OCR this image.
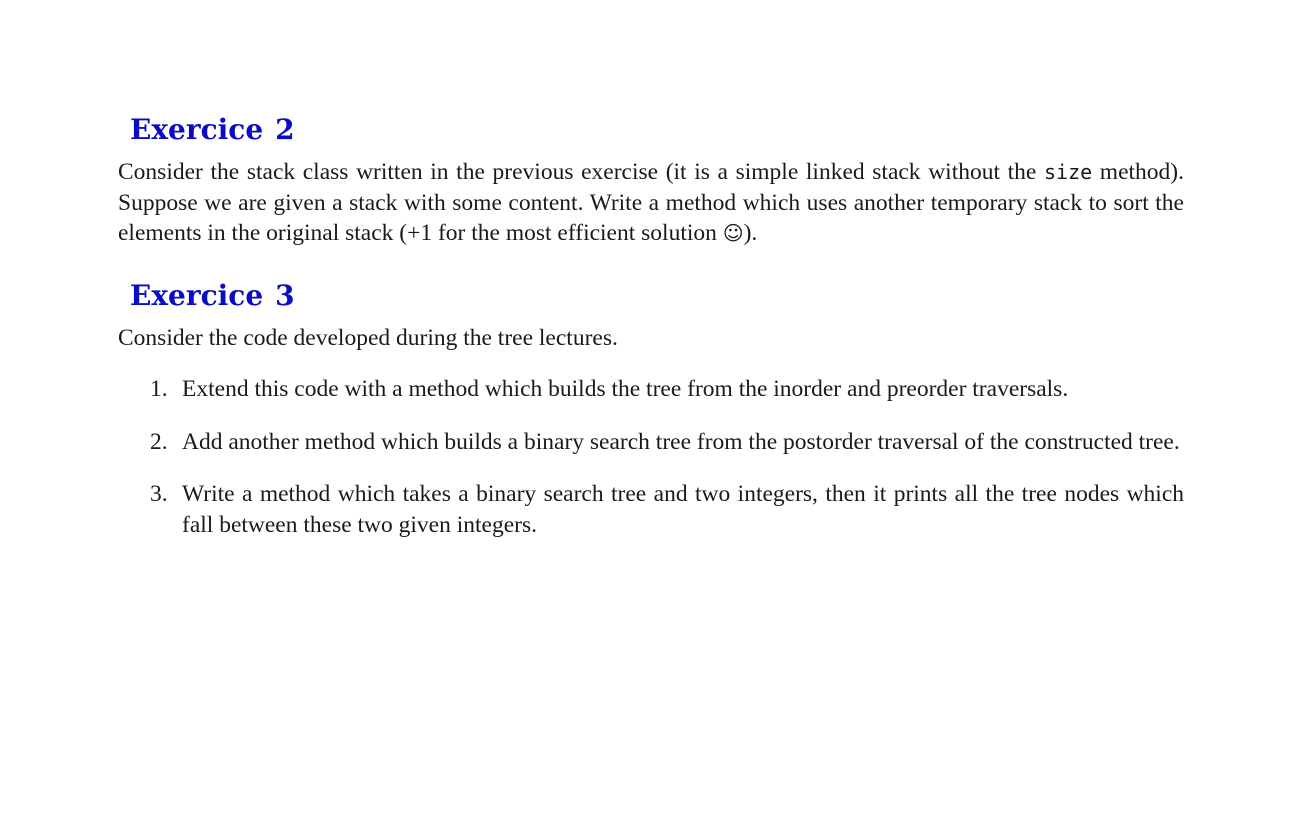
Exercice 2

Consider the stack class written in the previous exercise (it is a simple linked stack without the size method). Suppose we are given a stack with some content. Write a method which uses another temporary stack to sort the elements in the original stack (+1 for the most efficient solution ☺).

Exercice 3

Consider the code developed during the tree lectures.

1. Extend this code with a method which builds the tree from the inorder and preorder traversals.
2. Add another method which builds a binary search tree from the postorder traversal of the constructed tree.
3. Write a method which takes a binary search tree and two integers, then it prints all the tree nodes which fall between these two given integers.
